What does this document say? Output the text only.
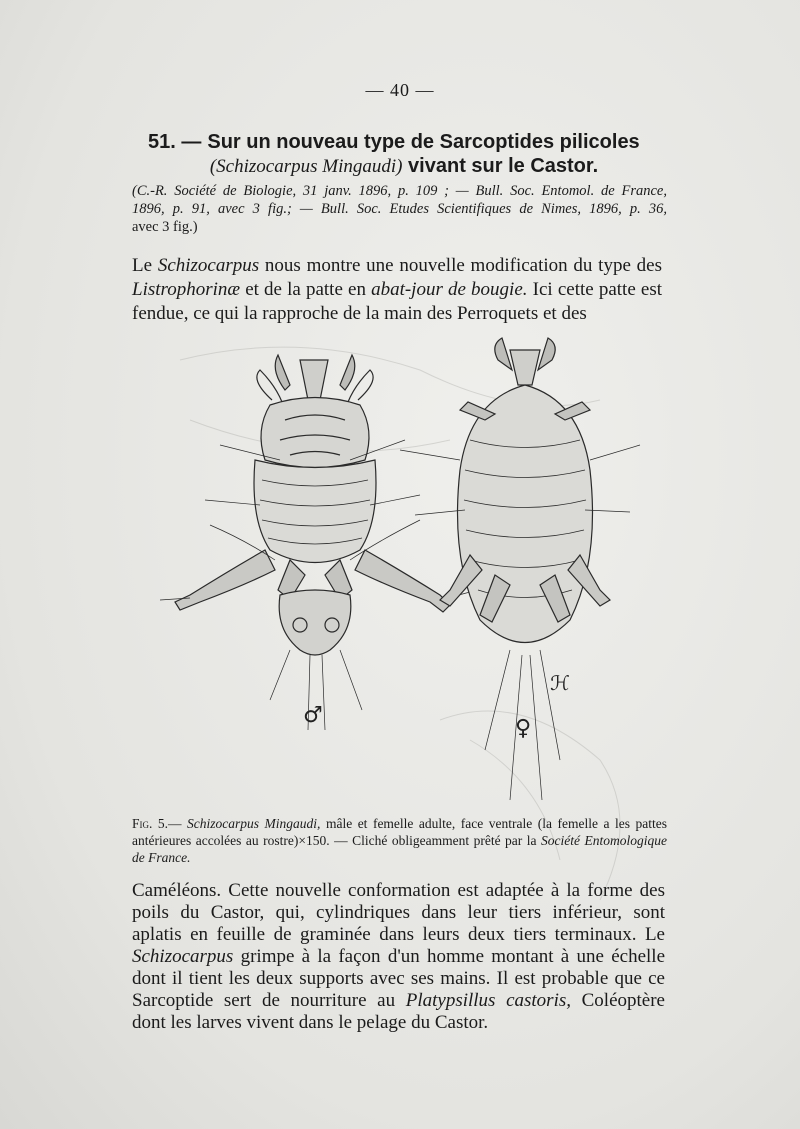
— 40 —
51. — Sur un nouveau type de Sarcoptides pilicoles
(Schizocarpus Mingaudi) vivant sur le Castor.
(C.-R. Société de Biologie, 31 janv. 1896, p. 109 ; — Bull. Soc. Entomol. de France,
1896, p. 91, avec 3 fig.; — Bull. Soc. Etudes Scientifiques de Nimes, 1896, p. 36,
avec 3 fig.)
Le Schizocarpus nous montre une nouvelle modification du type des Listrophorinæ et de la patte en abat-jour de bougie. Ici cette patte est fendue, ce qui la rapproche de la main des Perroquets et des
♂
♀
ℋ
Fig. 5.— Schizocarpus Mingaudi, mâle et femelle adulte, face ventrale (la femelle a les pattes antérieures accolées au rostre)×150. — Cliché obligeamment prêté par la Société Entomologique de France.
Caméléons. Cette nouvelle conformation est adaptée à la forme des
poils du Castor, qui, cylindriques dans leur tiers inférieur, sont
aplatis en feuille de graminée dans leurs deux tiers terminaux. Le
Schizocarpus grimpe à la façon d'un homme montant à une échelle
dont il tient les deux supports avec ses mains. Il est probable que ce
Sarcoptide sert de nourriture au Platypsillus castoris, Coléoptère
dont les larves vivent dans le pelage du Castor.
